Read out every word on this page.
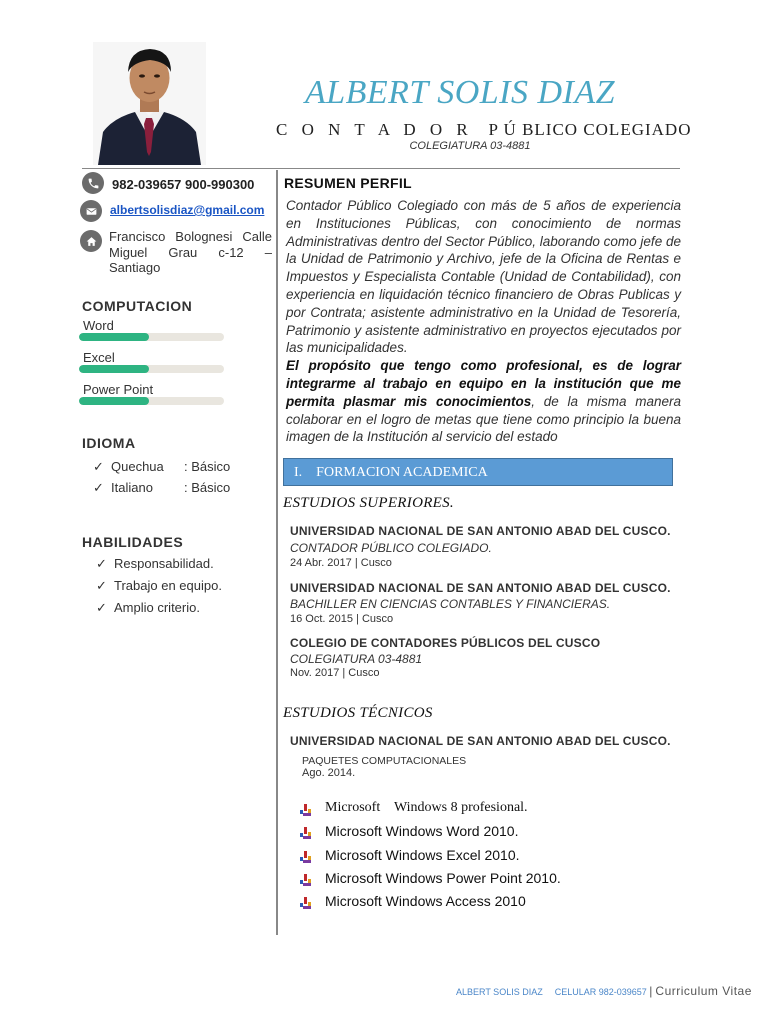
ALBERT SOLIS DIAZ
C O N T A D O R P Ú BLICO COLEGIADO
COLEGIATURA 03-4881
982-039657 900-990300
albertsolisdiaz@gmail.com
Francisco Bolognesi Calle Miguel Grau c-12 – Santiago
COMPUTACION
Word
Excel
Power Point
IDIOMA
✓ Quechua : Básico
✓ Italiano : Básico
HABILIDADES
✓ Responsabilidad.
✓ Trabajo en equipo.
✓ Amplio criterio.
RESUMEN PERFIL

Contador Público Colegiado con más de 5 años de experiencia en Instituciones Públicas, con conocimiento de normas Administrativas dentro del Sector Público, laborando como jefe de la Unidad de Patrimonio y Archivo, jefe de la Oficina de Rentas e Impuestos y Especialista Contable (Unidad de Contabilidad), con experiencia en liquidación técnico financiero de Obras Publicas y por Contrata; asistente administrativo en la Unidad de Tesorería, Patrimonio y asistente administrativo en proyectos ejecutados por las municipalidades.

El propósito que tengo como profesional, es de lograr integrarme al trabajo en equipo en la institución que me permita plasmar mis conocimientos, de la misma manera colaborar en el logro de metas que tiene como principio la buena imagen de la Institución al servicio del estado

I. FORMACION ACADEMICA
ESTUDIOS SUPERIORES.
UNIVERSIDAD NACIONAL DE SAN ANTONIO ABAD DEL CUSCO.
CONTADOR PÚBLICO COLEGIADO.
24 Abr. 2017 | Cusco
UNIVERSIDAD NACIONAL DE SAN ANTONIO ABAD DEL CUSCO.
BACHILLER EN CIENCIAS CONTABLES Y FINANCIERAS.
16 Oct. 2015 | Cusco
COLEGIO DE CONTADORES PÚBLICOS DEL CUSCO
COLEGIATURA 03-4881
Nov. 2017 | Cusco
ESTUDIOS TÉCNICOS
UNIVERSIDAD NACIONAL DE SAN ANTONIO ABAD DEL CUSCO.
PAQUETES COMPUTACIONALES
Ago. 2014.
Microsoft    Windows 8 profesional.
Microsoft Windows Word 2010.
Microsoft Windows Excel 2010.
Microsoft Windows Power Point 2010.
Microsoft Windows Access 2010
ALBERT SOLIS DIAZ CELULAR 982-039657 | Curriculum Vitae
